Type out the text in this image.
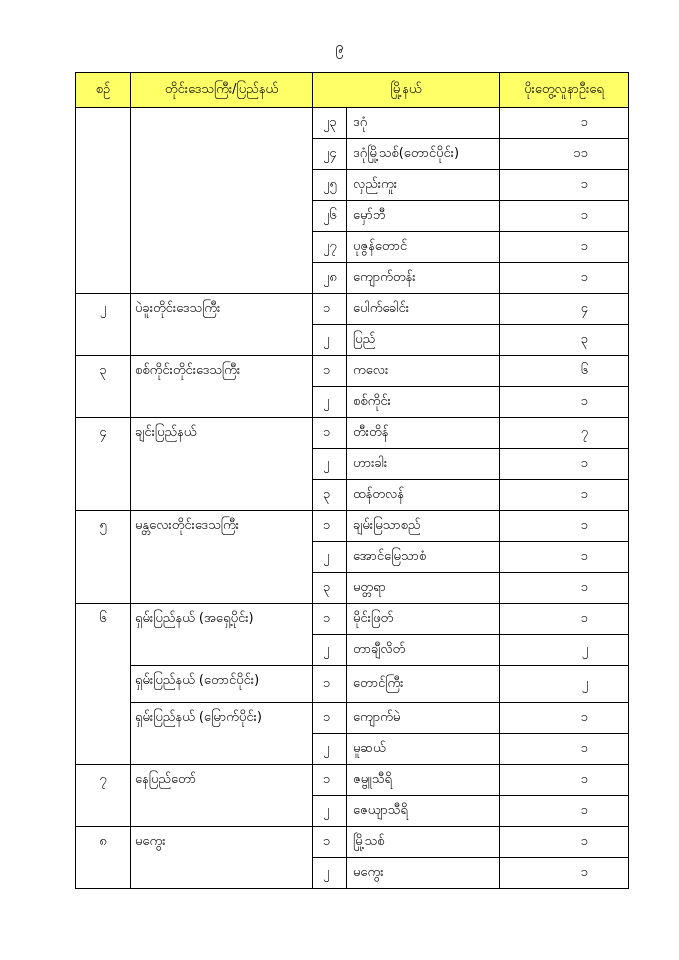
၉
စဉ်	တိုင်းဒေသကြီး/ပြည်နယ်	မြို့နယ်		ပိုးတွေ့လူနာဦးရေ
		၂၃	ဒဂုံ	၁
		၂၄	ဒဂုံမြို့သစ်(တောင်ပိုင်း)	၁၁
		၂၅	လှည်းကူး	၁
		၂၆	မှော်ဘီ	၁
		၂၇	ပုဇွန်တောင်	၁
		၂၈	ကျောက်တန်း	၁
၂	ပဲခူးတိုင်းဒေသကြီး	၁	ပေါက်ခေါင်း	၄
		၂	ပြည်	၃
၃	စစ်ကိုင်းတိုင်းဒေသကြီး	၁	ကလေး	၆
		၂	စစ်ကိုင်း	၁
၄	ချင်းပြည်နယ်	၁	တီးတိန်	၇
		၂	ဟားခါး	၁
		၃	ထန်တလန်	၁
၅	မန္တလေးတိုင်းဒေသကြီး	၁	ချမ်းမြသာစည်	၁
		၂	အောင်မြေသာစံ	၁
		၃	မတ္တရာ	၁
၆	ရှမ်းပြည်နယ် (အရှေ့ပိုင်း)	၁	မိုင်းဖြတ်	၁
		၂	တာချီလိတ်	၂
	ရှမ်းပြည်နယ် (တောင်ပိုင်း)	၁	တောင်ကြီး	၂
	ရှမ်းပြည်နယ် (မြောက်ပိုင်း)	၁	ကျောက်မဲ	၁
		၂	မူဆယ်	၁
၇	နေပြည်တော်	၁	ဇမ္ဗူသီရိ	၁
		၂	ဇေယျာသီရိ	၁
၈	မကွေး	၁	မြို့သစ်	၁
		၂	မကွေး	၁
